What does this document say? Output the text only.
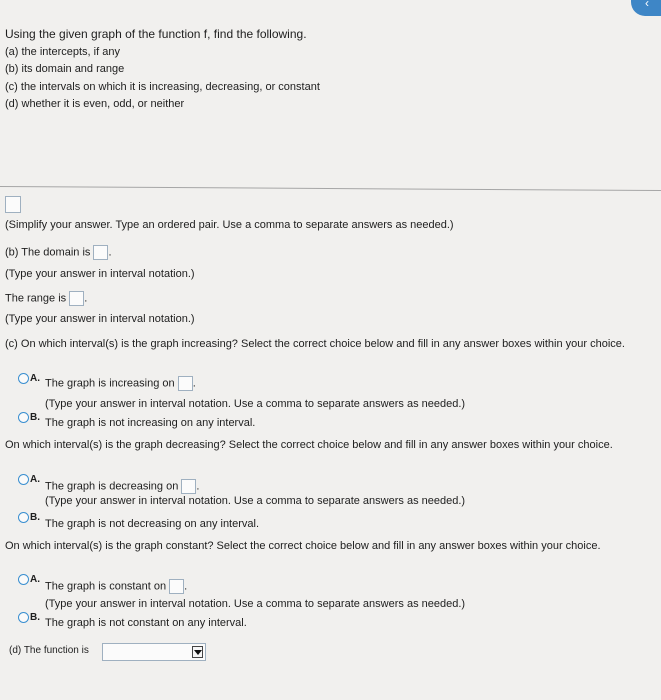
‹
Using the given graph of the function f, find the following.
(a) the intercepts, if any
(b) its domain and range
(c) the intervals on which it is increasing, decreasing, or constant
(d) whether it is even, odd, or neither
(Simplify your answer. Type an ordered pair. Use a comma to separate answers as needed.)
(b) The domain is .
(Type your answer in interval notation.)
The range is .
(Type your answer in interval notation.)
(c) On which interval(s) is the graph increasing? Select the correct choice below and fill in any answer boxes within your choice.
A. The graph is increasing on .
(Type your answer in interval notation. Use a comma to separate answers as needed.)
B. The graph is not increasing on any interval.
On which interval(s) is the graph decreasing? Select the correct choice below and fill in any answer boxes within your choice.
A.
The graph is decreasing on .
(Type your answer in interval notation. Use a comma to separate answers as needed.)
B.
The graph is not decreasing on any interval.
On which interval(s) is the graph constant? Select the correct choice below and fill in any answer boxes within your choice.
A.
The graph is constant on .
(Type your answer in interval notation. Use a comma to separate answers as needed.)
B. The graph is not constant on any interval.
(d) The function is
